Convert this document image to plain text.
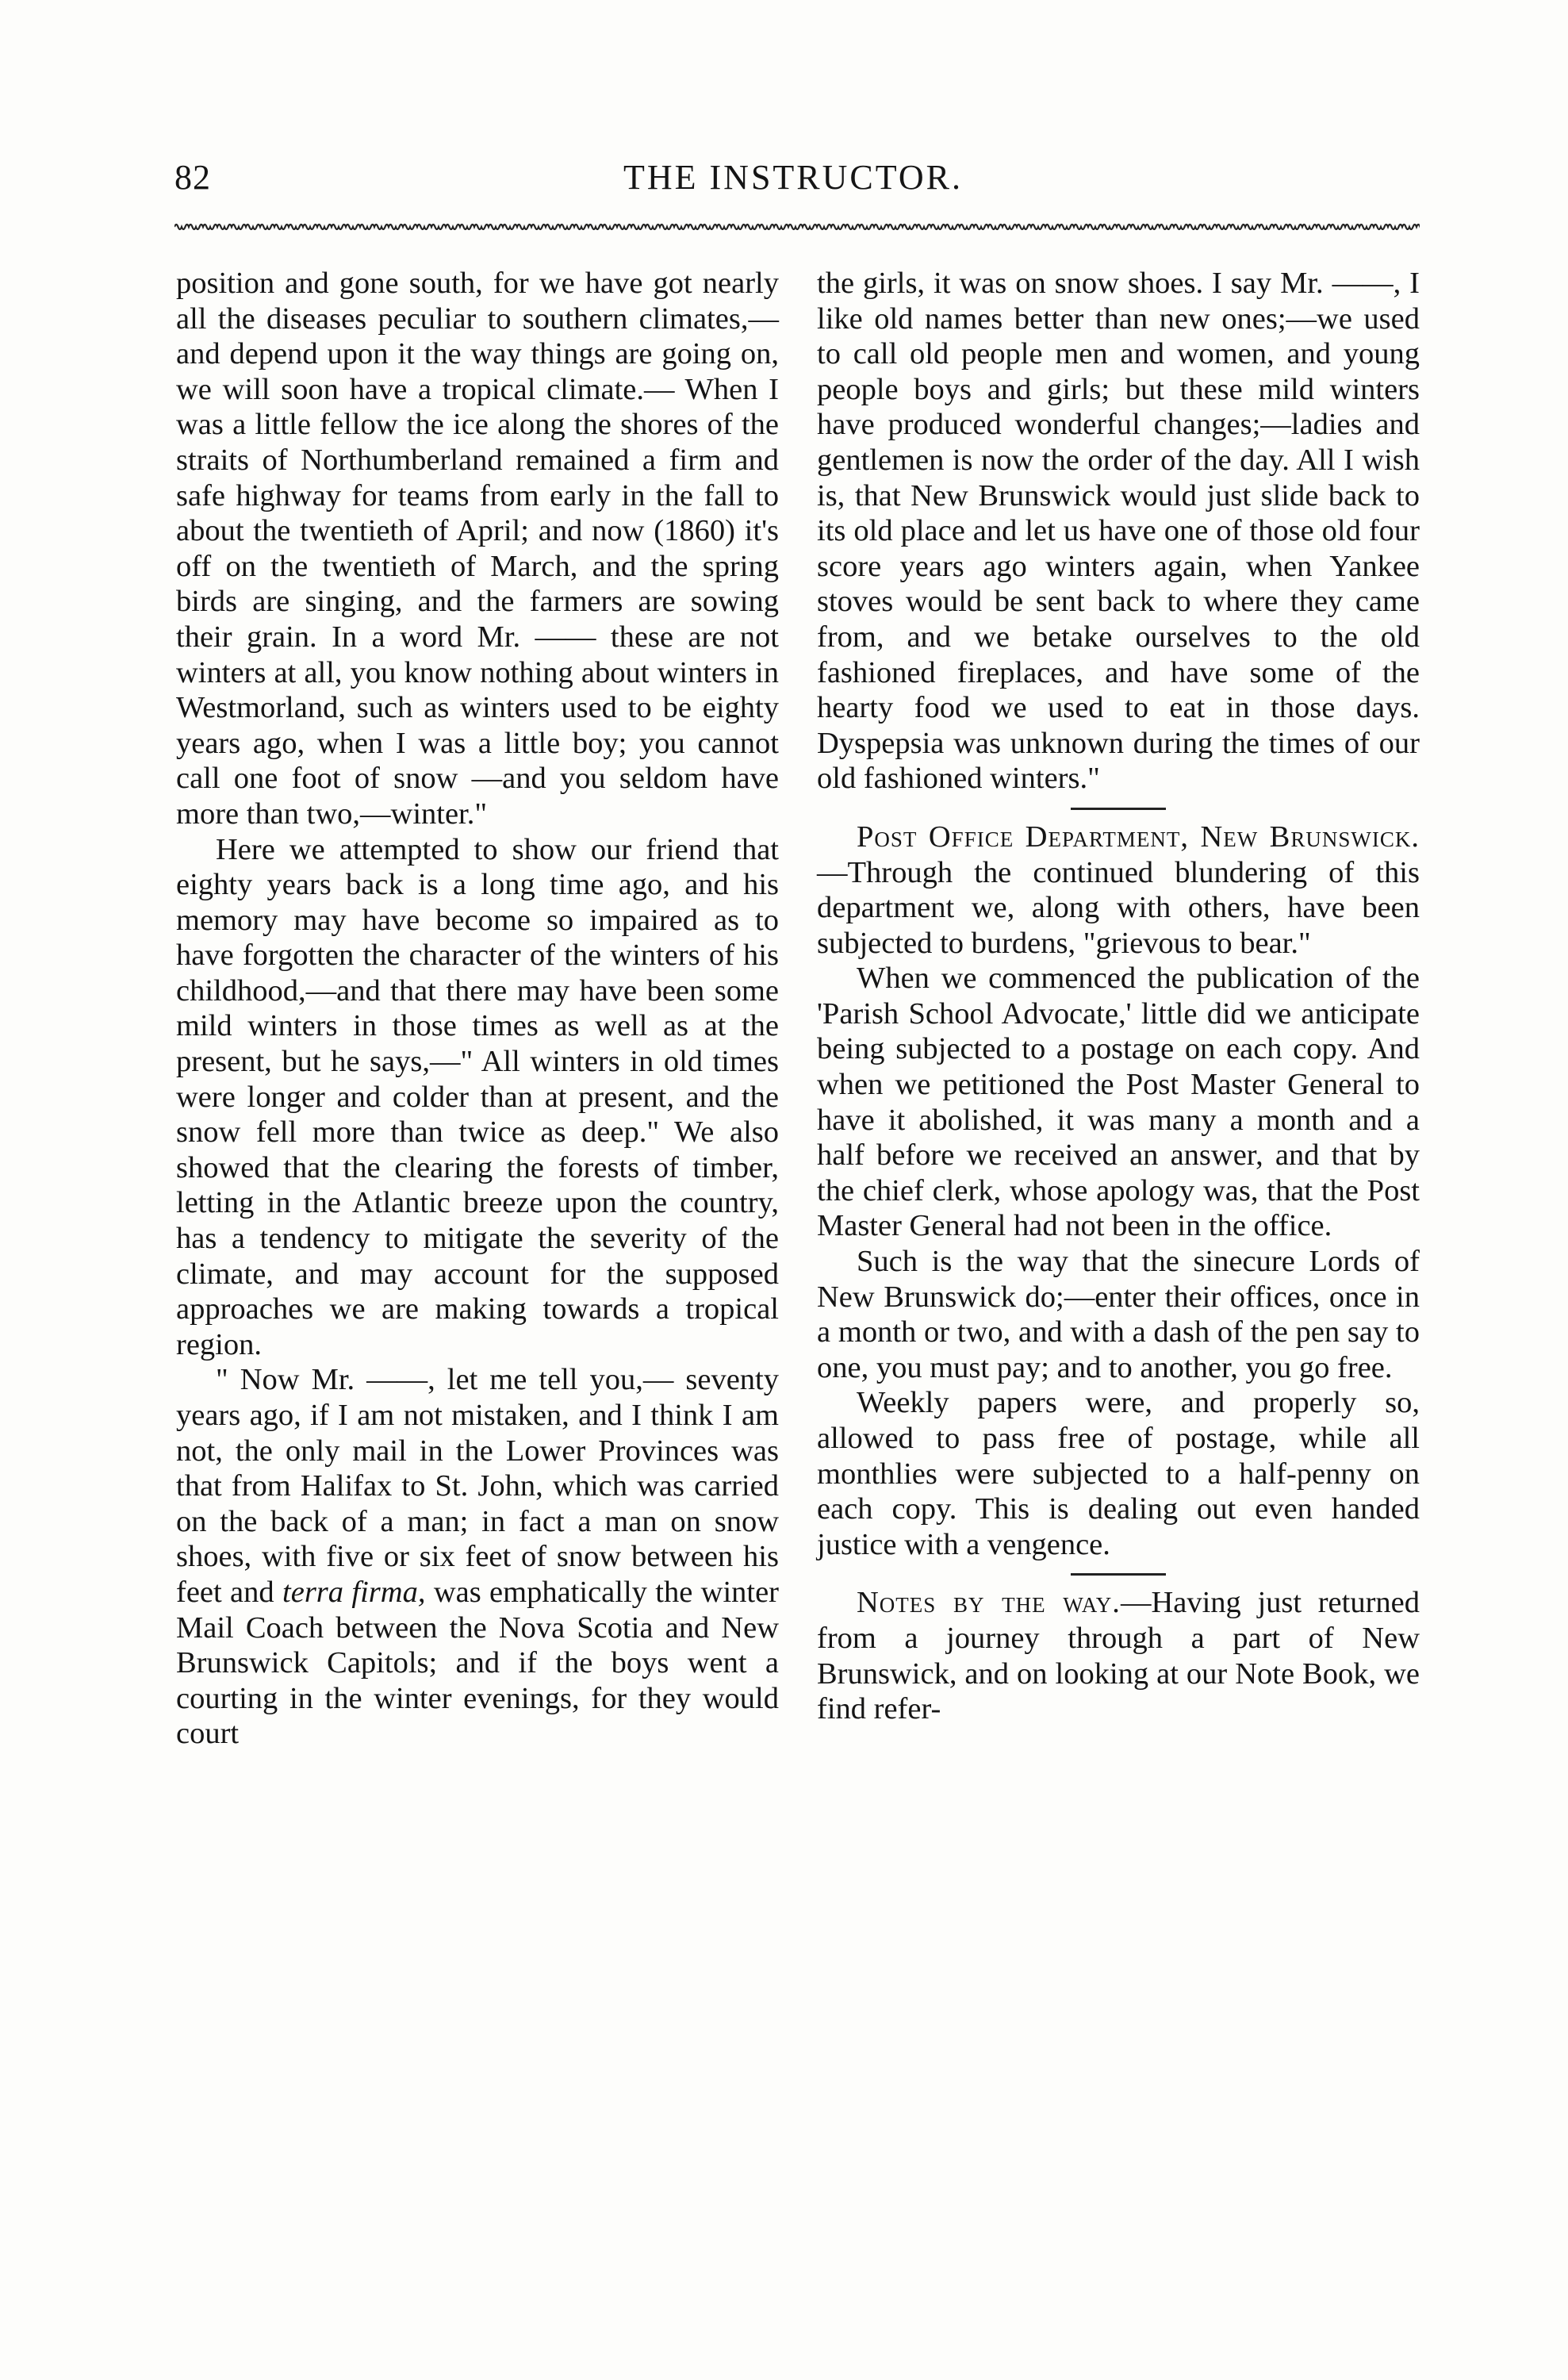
82	THE INSTRUCTOR.

position and gone south, for we have got nearly all the diseases peculiar to southern climates,—and depend upon it the way things are going on, we will soon have a tropical climate.— When I was a little fellow the ice along the shores of the straits of Northumberland remained a firm and safe highway for teams from early in the fall to about the twentieth of April; and now (1860) it's off on the twentieth of March, and the spring birds are singing, and the farmers are sowing their grain. In a word Mr. —— these are not winters at all, you know nothing about winters in Westmorland, such as winters used to be eighty years ago, when I was a little boy; you cannot call one foot of snow —and you seldom have more than two,—winter."

Here we attempted to show our friend that eighty years back is a long time ago, and his memory may have become so impaired as to have forgotten the character of the winters of his childhood,—and that there may have been some mild winters in those times as well as at the present, but he says,—" All winters in old times were longer and colder than at present, and the snow fell more than twice as deep." We also showed that the clearing the forests of timber, letting in the Atlantic breeze upon the country, has a tendency to mitigate the severity of the climate, and may account for the supposed approaches we are making towards a tropical region.

" Now Mr. ——, let me tell you,— seventy years ago, if I am not mistaken, and I think I am not, the only mail in the Lower Provinces was that from Halifax to St. John, which was carried on the back of a man; in fact a man on snow shoes, with five or six feet of snow between his feet and terra firma, was emphatically the winter Mail Coach between the Nova Scotia and New Brunswick Capitols; and if the boys went a courting in the winter evenings, for they would court

the girls, it was on snow shoes. I say Mr. ——, I like old names better than new ones;—we used to call old people men and women, and young people boys and girls; but these mild winters have produced wonderful changes;—ladies and gentlemen is now the order of the day. All I wish is, that New Brunswick would just slide back to its old place and let us have one of those old four score years ago winters again, when Yankee stoves would be sent back to where they came from, and we betake ourselves to the old fashioned fireplaces, and have some of the hearty food we used to eat in those days. Dyspepsia was unknown during the times of our old fashioned winters."

Post Office Department, New Brunswick.—Through the continued blundering of this department we, along with others, have been subjected to burdens, "grievous to bear."

When we commenced the publication of the 'Parish School Advocate,' little did we anticipate being subjected to a postage on each copy. And when we petitioned the Post Master General to have it abolished, it was many a month and a half before we received an answer, and that by the chief clerk, whose apology was, that the Post Master General had not been in the office.

Such is the way that the sinecure Lords of New Brunswick do;—enter their offices, once in a month or two, and with a dash of the pen say to one, you must pay; and to another, you go free.

Weekly papers were, and properly so, allowed to pass free of postage, while all monthlies were subjected to a half-penny on each copy. This is dealing out even handed justice with a vengence.

Notes by the way.—Having just returned from a journey through a part of New Brunswick, and on looking at our Note Book, we find refer-
